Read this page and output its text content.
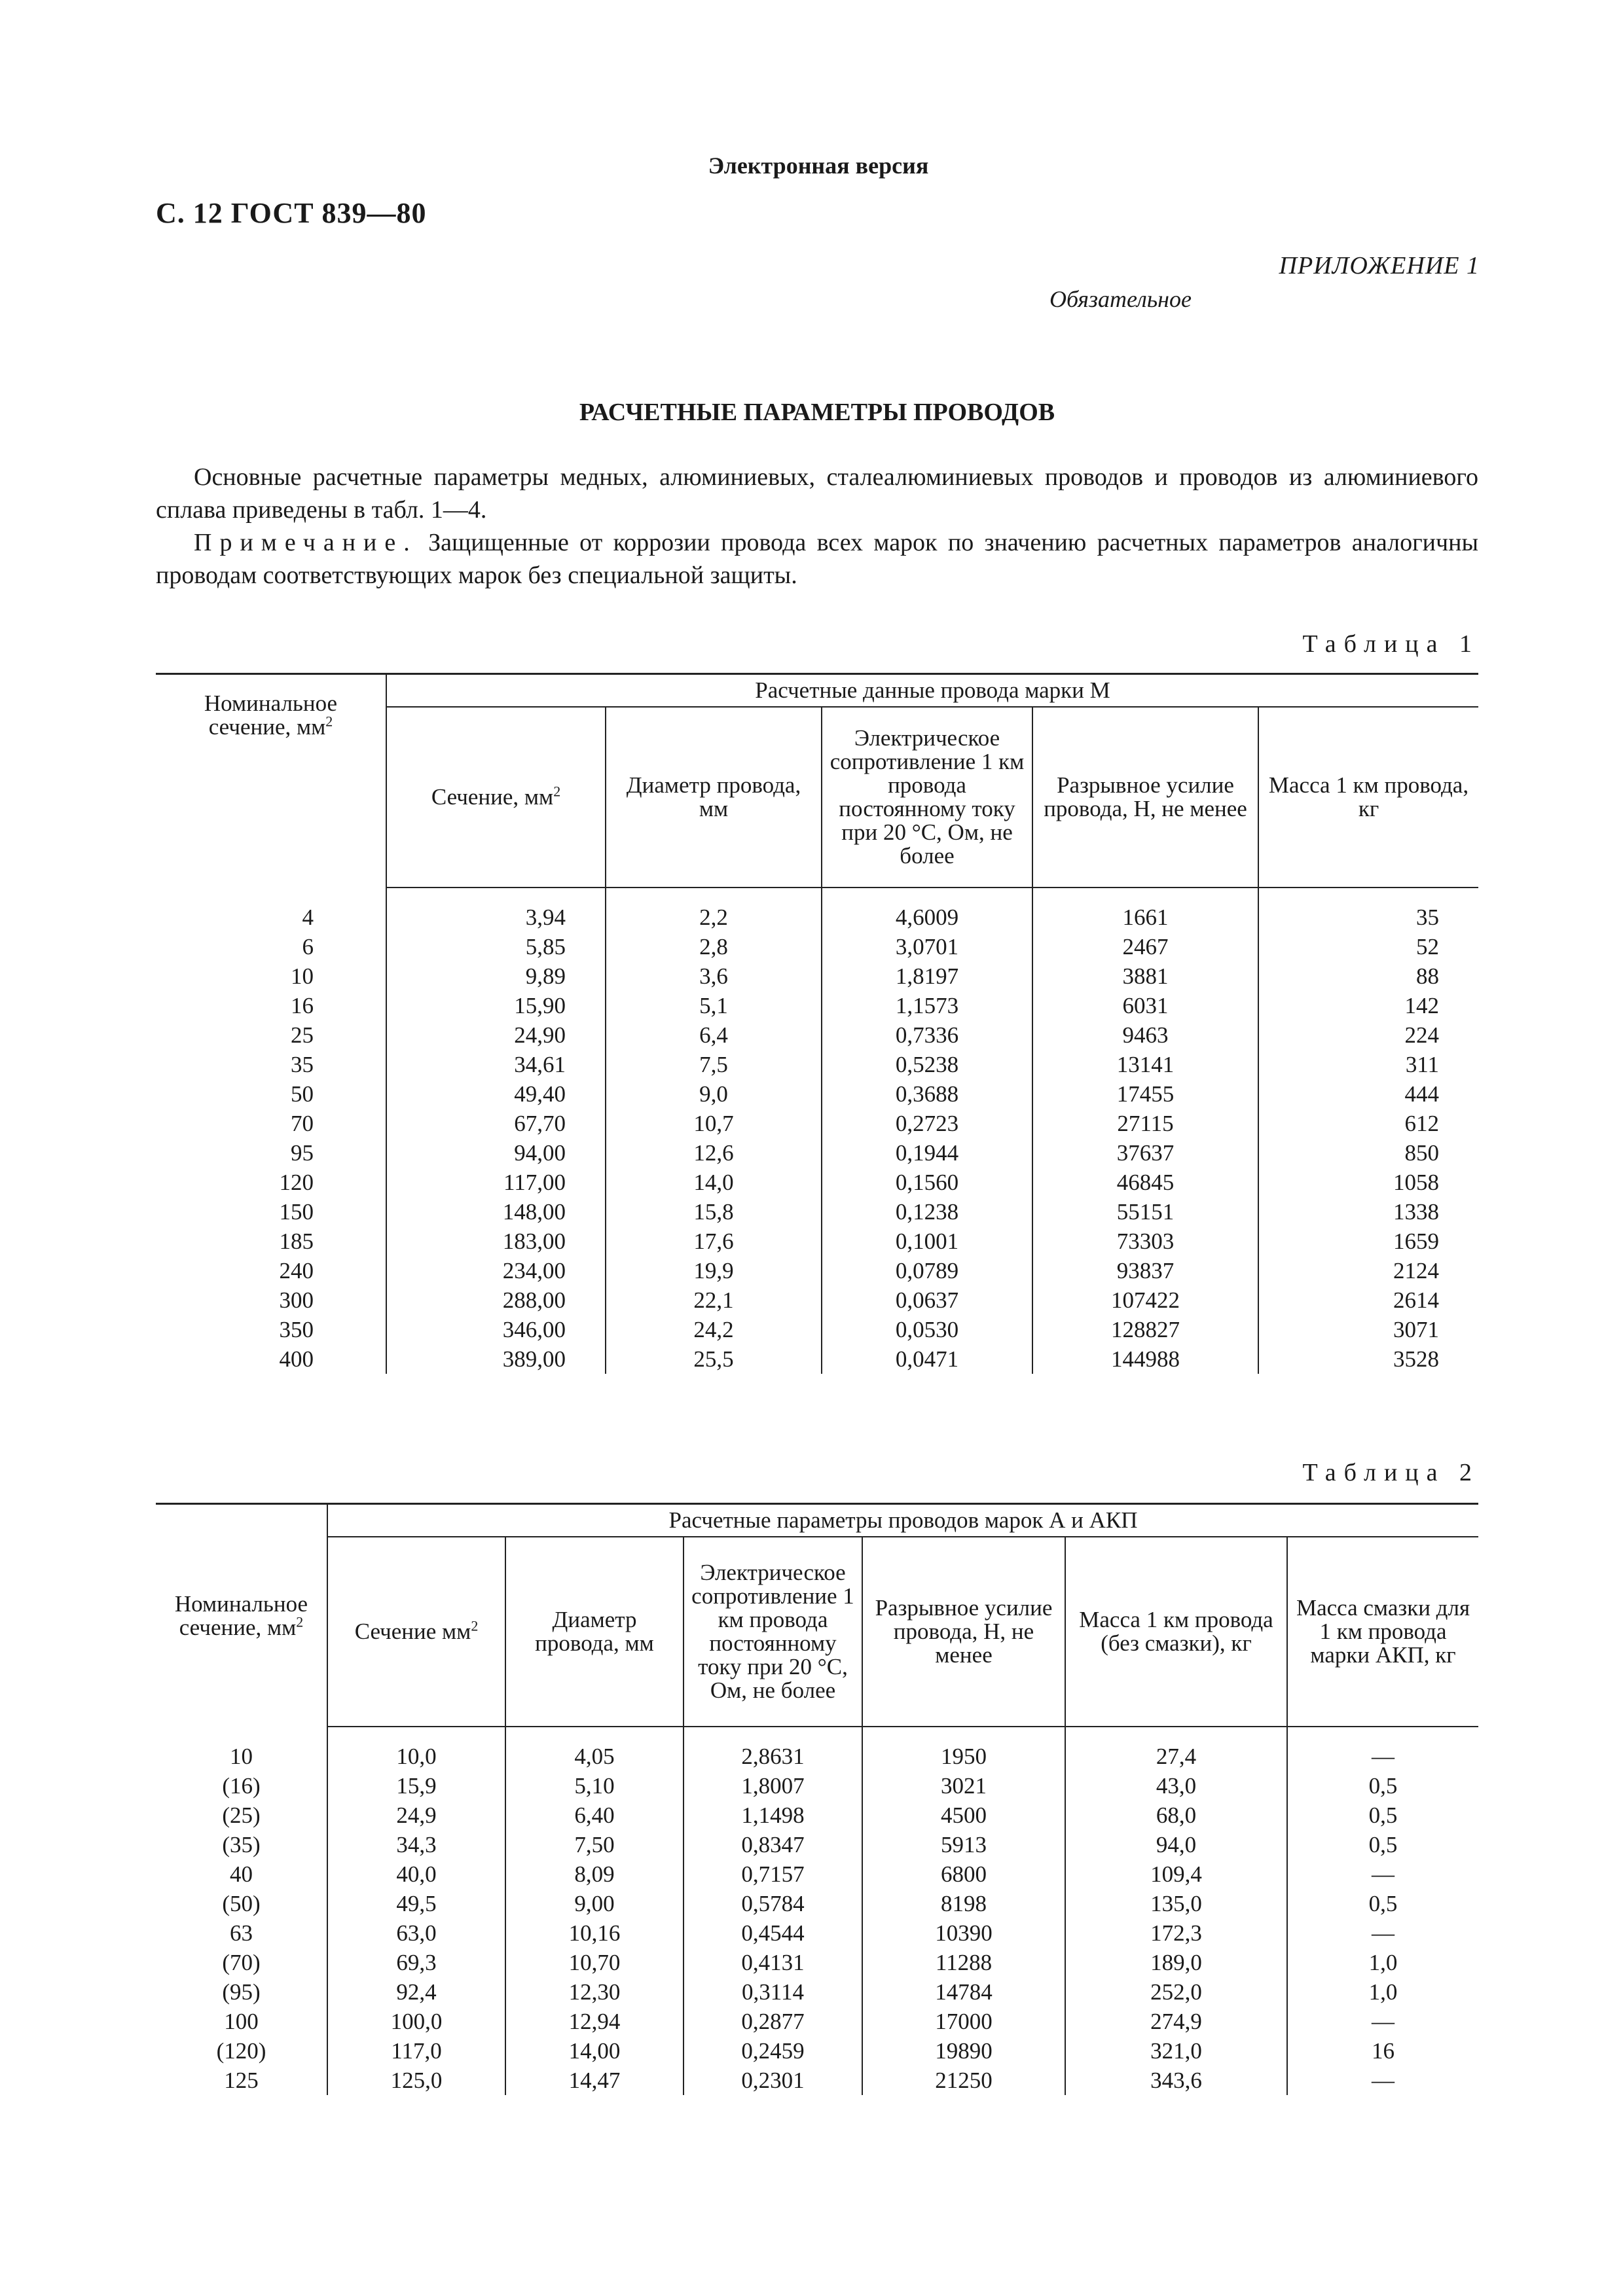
Электронная версия
С. 12 ГОСТ 839—80
ПРИЛОЖЕНИЕ 1
Обязательное
РАСЧЕТНЫЕ ПАРАМЕТРЫ ПРОВОДОВ
Основные расчетные параметры медных, алюминиевых, сталеалюминиевых проводов и проводов из алюминиевого сплава приведены в табл. 1—4.
Примечание. Защищенные от коррозии провода всех марок по значению расчетных параметров аналогичны проводам соответствующих марок без специальной защиты.
Таблица 1
Номинальное сечение, $мм^2$	Расчетные данные провода марки М				
	Сечение, $мм^2$	Диаметр провода, мм	Электрическое сопротивление 1 км провода постоянному току при 20 °С, Ом, не более	Разрывное усилие провода, Н, не менее	Масса 1 км провода, кг
4	3,94	2,2	4,6009	1661	35
6	5,85	2,8	3,0701	2467	52
10	9,89	3,6	1,8197	3881	88
16	15,90	5,1	1,1573	6031	142
25	24,90	6,4	0,7336	9463	224
35	34,61	7,5	0,5238	13141	311
50	49,40	9,0	0,3688	17455	444
70	67,70	10,7	0,2723	27115	612
95	94,00	12,6	0,1944	37637	850
120	117,00	14,0	0,1560	46845	1058
150	148,00	15,8	0,1238	55151	1338
185	183,00	17,6	0,1001	73303	1659
240	234,00	19,9	0,0789	93837	2124
300	288,00	22,1	0,0637	107422	2614
350	346,00	24,2	0,0530	128827	3071
400	389,00	25,5	0,0471	144988	3528
Таблица 2
Номинальное сечение, $мм^2$	Расчетные параметры проводов марок А и АКП					
	Сечение $мм^2$	Диаметр провода, мм	Электрическое сопротивление 1 км провода постоянному току при 20 °С, Ом, не более	Разрывное усилие провода, Н, не менее	Масса 1 км провода (без смазки), кг	Масса смазки для 1 км провода марки АКП, кг
10	10,0	4,05	2,8631	1950	27,4	—
(16)	15,9	5,10	1,8007	3021	43,0	0,5
(25)	24,9	6,40	1,1498	4500	68,0	0,5
(35)	34,3	7,50	0,8347	5913	94,0	0,5
40	40,0	8,09	0,7157	6800	109,4	—
(50)	49,5	9,00	0,5784	8198	135,0	0,5
63	63,0	10,16	0,4544	10390	172,3	—
(70)	69,3	10,70	0,4131	11288	189,0	1,0
(95)	92,4	12,30	0,3114	14784	252,0	1,0
100	100,0	12,94	0,2877	17000	274,9	—
(120)	117,0	14,00	0,2459	19890	321,0	16
125	125,0	14,47	0,2301	21250	343,6	—
